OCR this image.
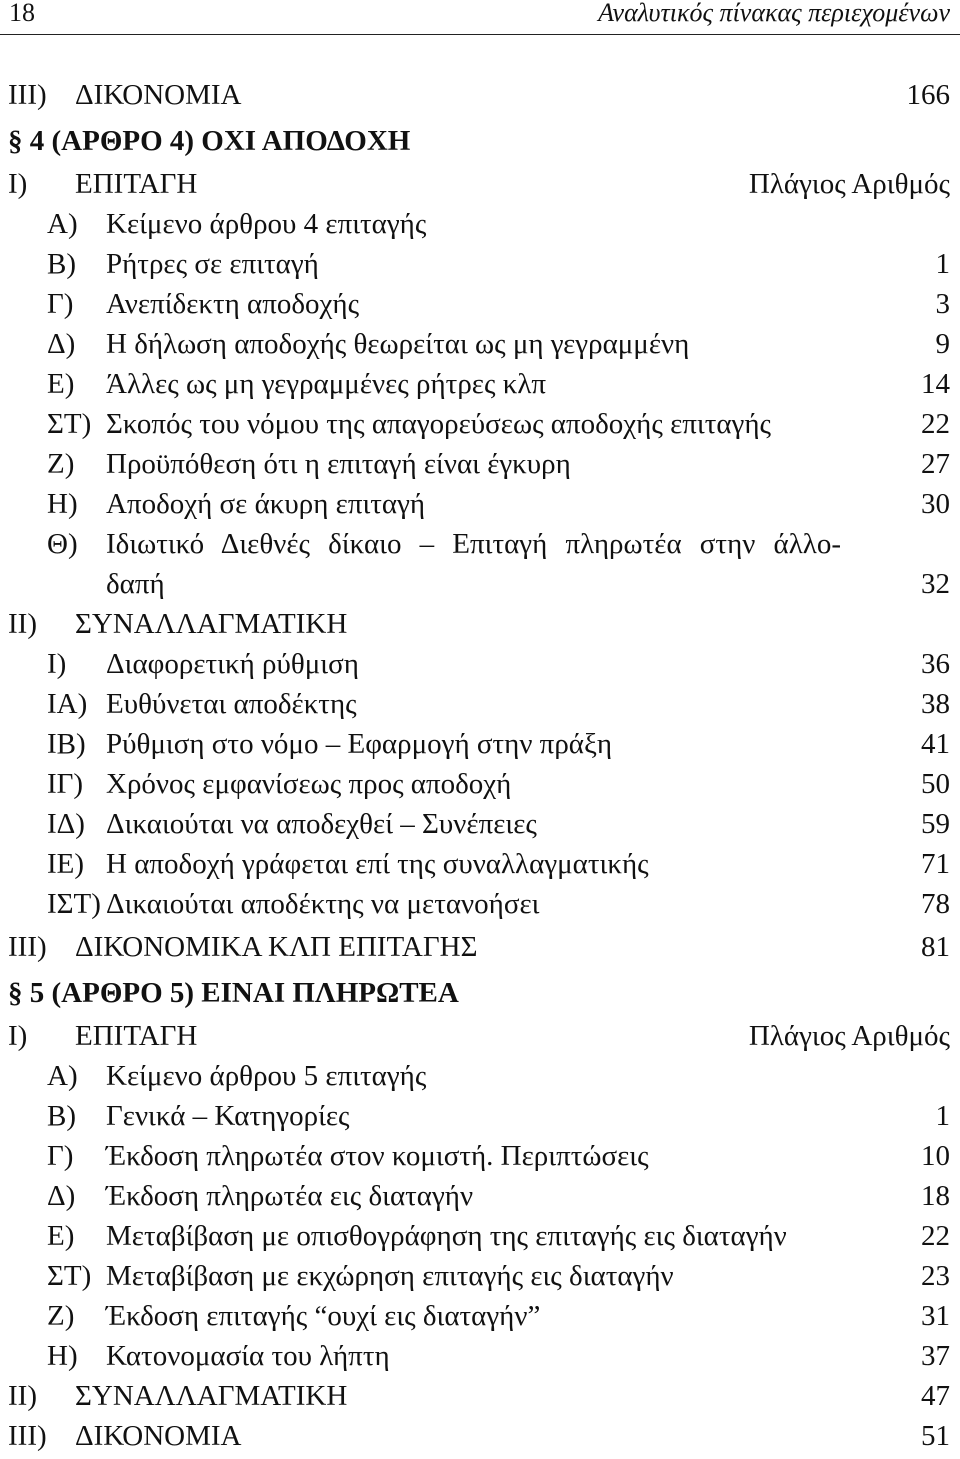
18	Αναλυτικός πίνακας περιεχομένων
ΙΙΙ) ΔΙΚΟΝΟΜΙΑ	166
§ 4 (ΑΡΘΡΟ 4) ΟΧΙ ΑΠΟΔΟΧΗ
Ι) ΕΠΙΤΑΓΗ	Πλάγιος Αριθμός
Α) Κείμενο άρθρου 4 επιταγής
Β) Ρήτρες σε επιταγή	1
Γ) Ανεπίδεκτη αποδοχής	3
Δ) Η δήλωση αποδοχής θεωρείται ως μη γεγραμμένη	9
Ε) Άλλες ως μη γεγραμμένες ρήτρες κλπ	14
ΣΤ) Σκοπός του νόμου της απαγορεύσεως αποδοχής επιταγής	22
Ζ) Προϋπόθεση ότι η επιταγή είναι έγκυρη	27
Η) Αποδοχή σε άκυρη επιταγή	30
Θ) Ιδιωτικό Διεθνές δίκαιο – Επιταγή πληρωτέα στην άλλο-
δαπή	32
ΙΙ) ΣΥΝΑΛΛΑΓΜΑΤΙΚΗ
Ι) Διαφορετική ρύθμιση	36
ΙΑ) Ευθύνεται αποδέκτης	38
ΙΒ) Ρύθμιση στο νόμο – Εφαρμογή στην πράξη	41
ΙΓ) Χρόνος εμφανίσεως προς αποδοχή	50
ΙΔ) Δικαιούται να αποδεχθεί – Συνέπειες	59
ΙΕ) Η αποδοχή γράφεται επί της συναλλαγματικής	71
ΙΣΤ) Δικαιούται αποδέκτης να μετανοήσει	78
ΙΙΙ) ΔΙΚΟΝΟΜΙΚΑ ΚΛΠ ΕΠΙΤΑΓΗΣ	81
§ 5 (ΑΡΘΡΟ 5) ΕΙΝΑΙ ΠΛΗΡΩΤΕΑ
Ι) ΕΠΙΤΑΓΗ	Πλάγιος Αριθμός
Α) Κείμενο άρθρου 5 επιταγής
Β) Γενικά – Κατηγορίες	1
Γ) Έκδοση πληρωτέα στον κομιστή. Περιπτώσεις	10
Δ) Έκδοση πληρωτέα εις διαταγήν	18
Ε) Μεταβίβαση με οπισθογράφηση της επιταγής εις διαταγήν	22
ΣΤ) Μεταβίβαση με εκχώρηση επιταγής εις διαταγήν	23
Ζ) Έκδοση επιταγής “ουχί εις διαταγήν”	31
Η) Κατονομασία του λήπτη	37
ΙΙ) ΣΥΝΑΛΛΑΓΜΑΤΙΚΗ	47
ΙΙΙ) ΔΙΚΟΝΟΜΙΑ	51
